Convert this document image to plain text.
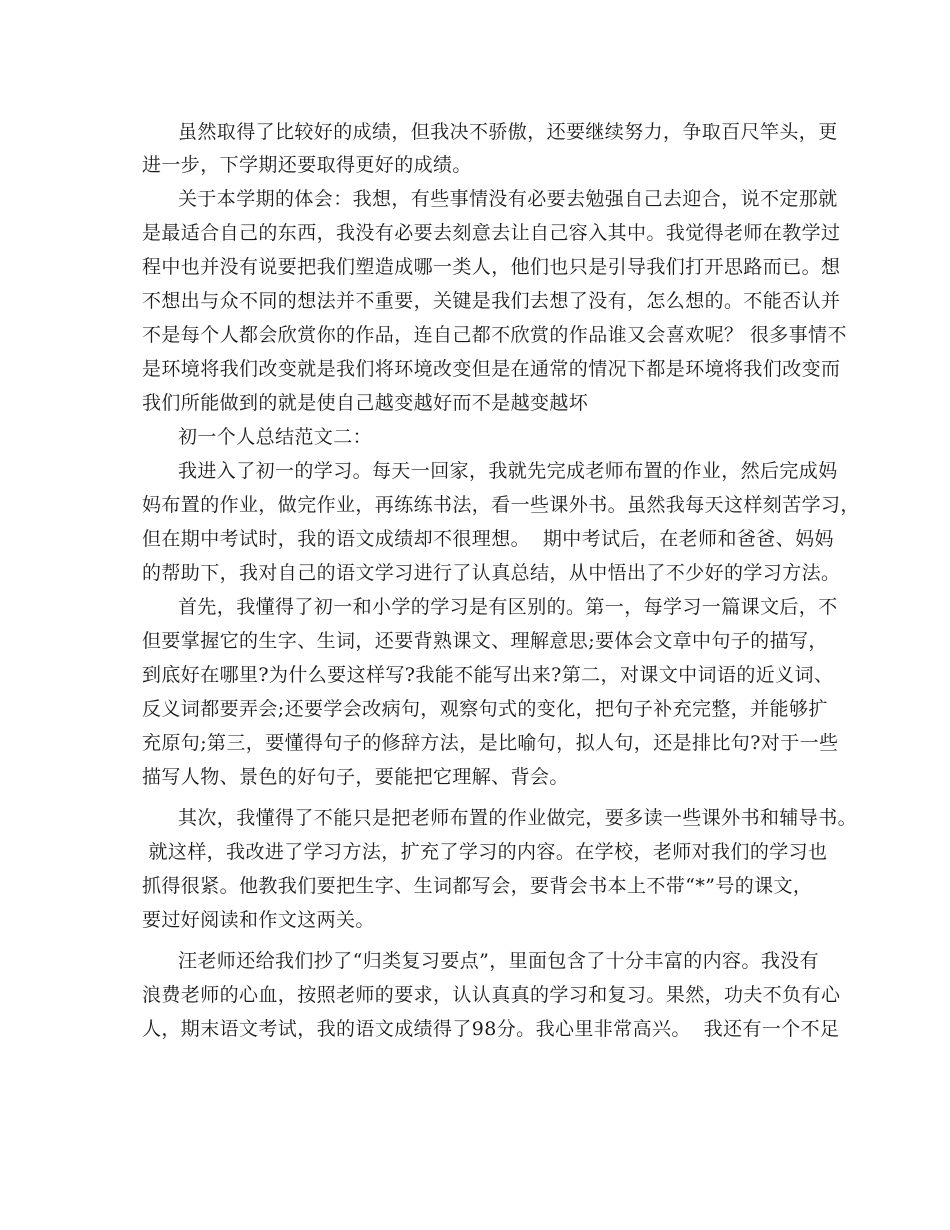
虽然取得了比较好的成绩，但我决不骄傲，还要继续努力，争取百尺竿头，更
进一步，下学期还要取得更好的成绩。
关于本学期的体会：我想，有些事情没有必要去勉强自己去迎合，说不定那就
是最适合自己的东西，我没有必要去刻意去让自己容入其中。我觉得老师在教学过
程中也并没有说要把我们塑造成哪一类人，他们也只是引导我们打开思路而已。想
不想出与众不同的想法并不重要，关键是我们去想了没有，怎么想的。不能否认并
不是每个人都会欣赏你的作品，连自己都不欣赏的作品谁又会喜欢呢？ 很多事情不
是环境将我们改变就是我们将环境改变但是在通常的情况下都是环境将我们改变而
我们所能做到的就是使自己越变越好而不是越变越坏
初一个人总结范文二：
我进入了初一的学习。每天一回家，我就先完成老师布置的作业，然后完成妈
妈布置的作业，做完作业，再练练书法，看一些课外书。虽然我每天这样刻苦学习，
但在期中考试时，我的语文成绩却不很理想。  期中考试后，在老师和爸爸、妈妈
的帮助下，我对自己的语文学习进行了认真总结，从中悟出了不少好的学习方法。
首先，我懂得了初一和小学的学习是有区别的。第一，每学习一篇课文后，不
但要掌握它的生字、生词，还要背熟课文、理解意思;要体会文章中句子的描写，
到底好在哪里?为什么要这样写?我能不能写出来?第二，对课文中词语的近义词、
反义词都要弄会;还要学会改病句，观察句式的变化，把句子补充完整，并能够扩
充原句;第三，要懂得句子的修辞方法，是比喻句，拟人句，还是排比句?对于一些
描写人物、景色的好句子，要能把它理解、背会。
其次，我懂得了不能只是把老师布置的作业做完，要多读一些课外书和辅导书。
就这样，我改进了学习方法，扩充了学习的内容。在学校，老师对我们的学习也
抓得很紧。他教我们要把生字、生词都写会，要背会书本上不带“*”号的课文，
要过好阅读和作文这两关。
汪老师还给我们抄了“归类复习要点”，里面包含了十分丰富的内容。我没有
浪费老师的心血，按照老师的要求，认认真真的学习和复习。果然，功夫不负有心
人，期末语文考试，我的语文成绩得了98分。我心里非常高兴。  我还有一个不足
